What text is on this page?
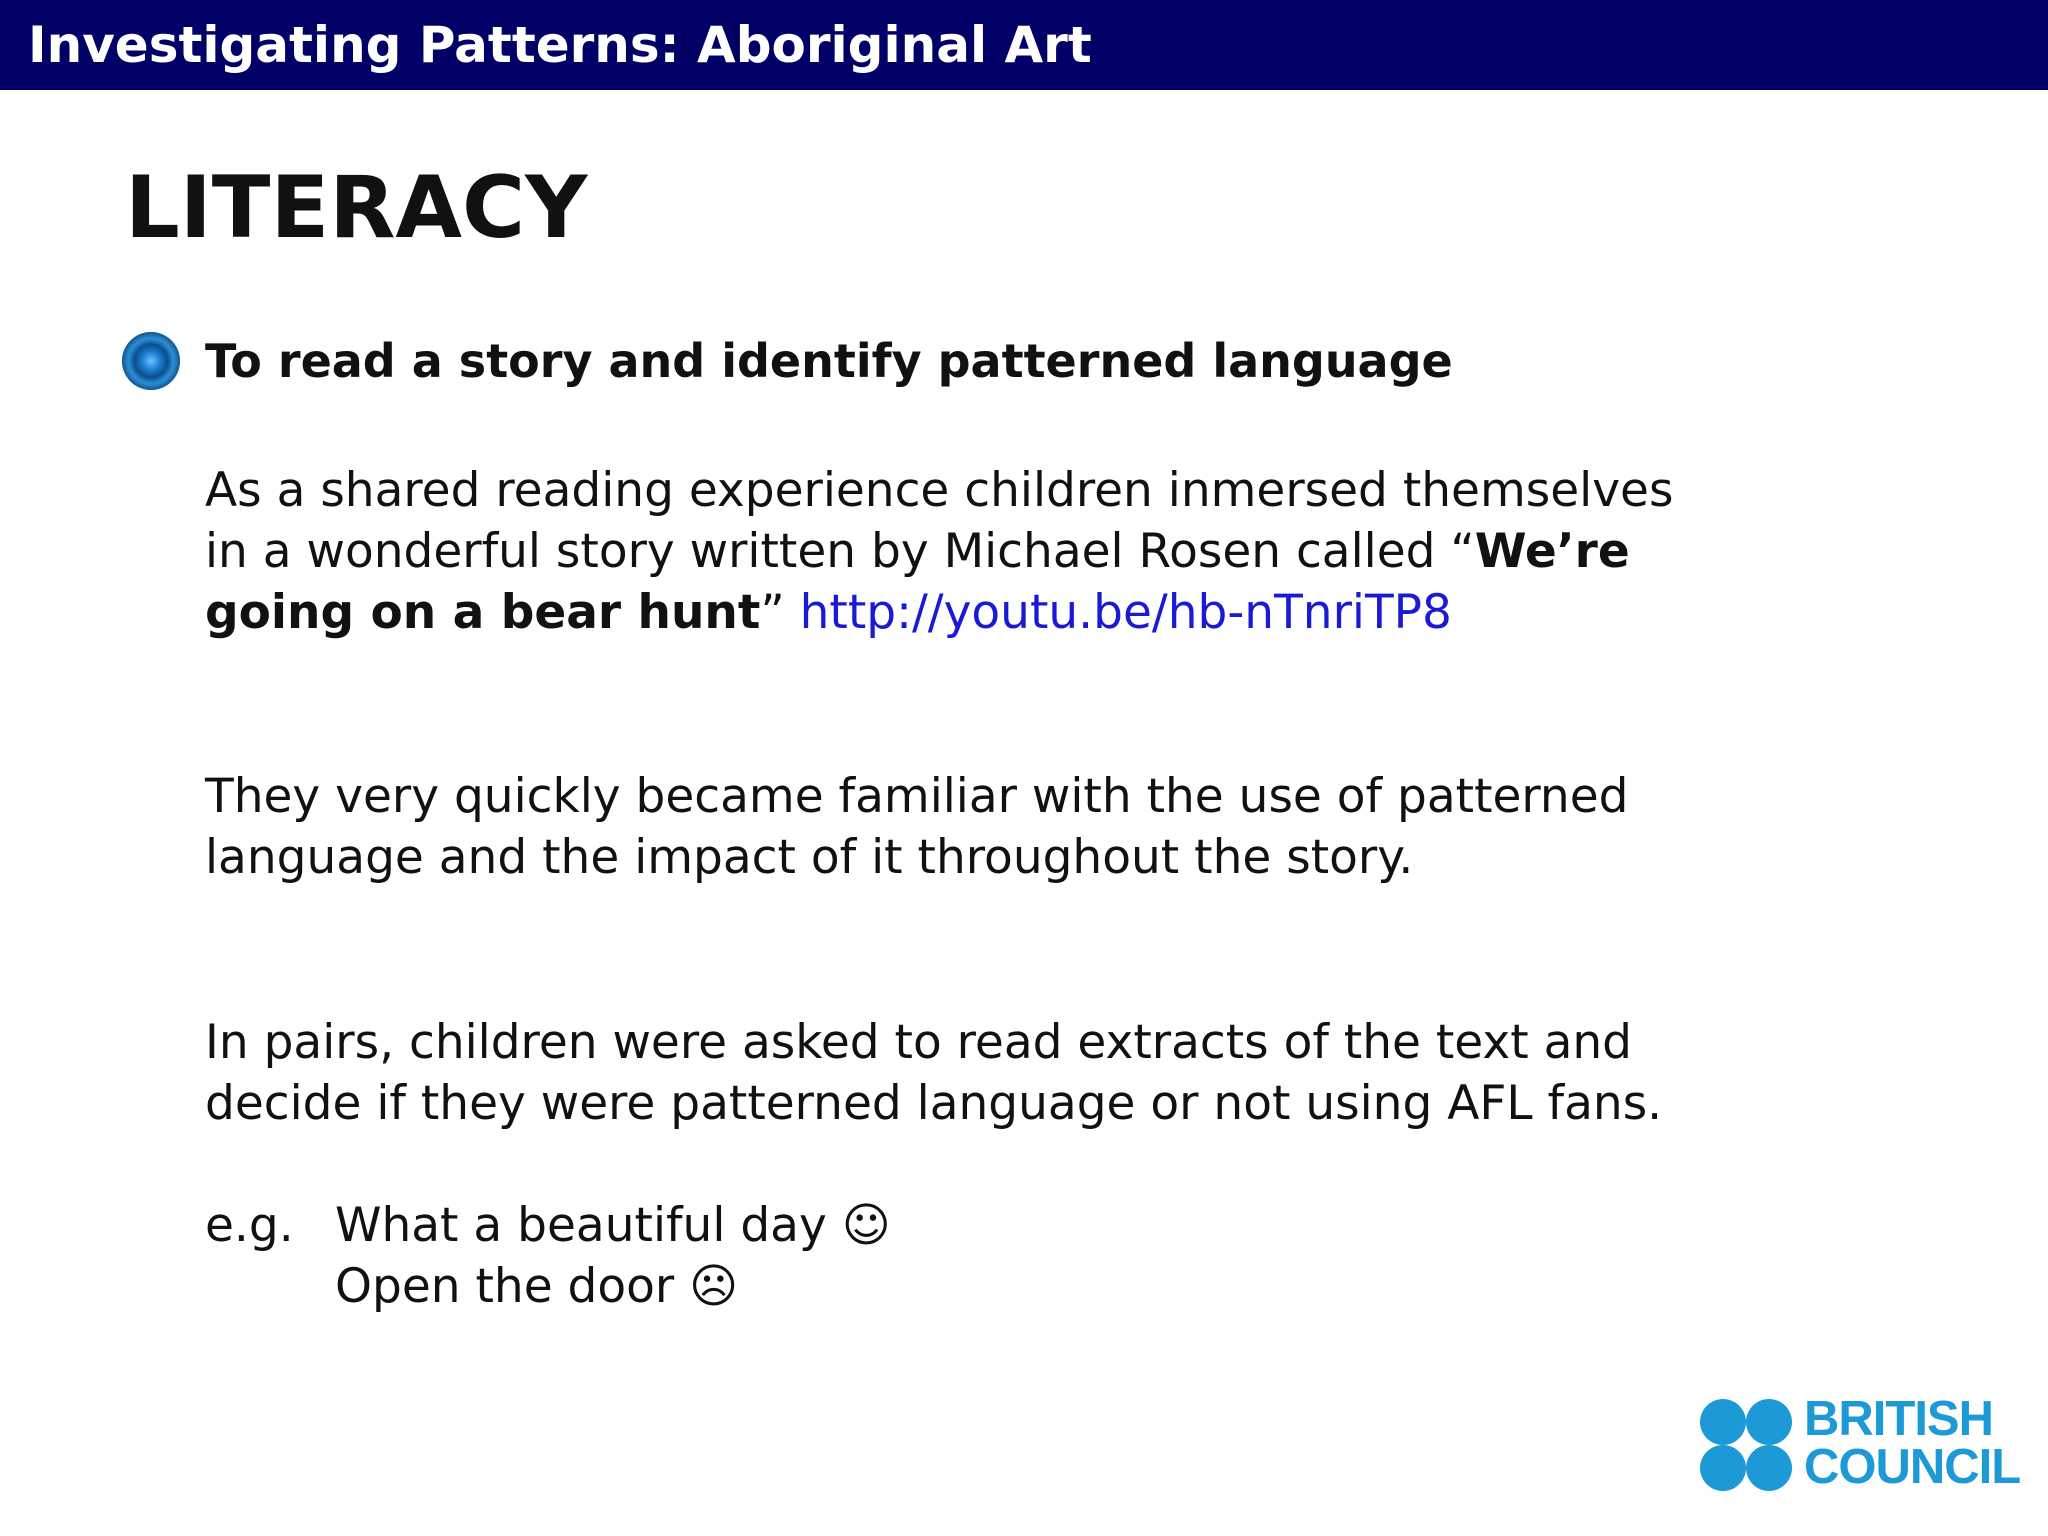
Investigating Patterns: Aboriginal Art
LITERACY
To read a story and identify patterned language
As a shared reading experience children inmersed themselves
in a wonderful story written by Michael Rosen called “We’re
going on a bear hunt” http://youtu.be/hb-nTnriTP8
They very quickly became familiar with the use of patterned
language and the impact of it throughout the story.
In pairs, children were asked to read extracts of the text and
decide if they were patterned language or not using AFL fans.
e.g. What a beautiful day ☺
Open the door ☹
BRITISH
COUNCIL
